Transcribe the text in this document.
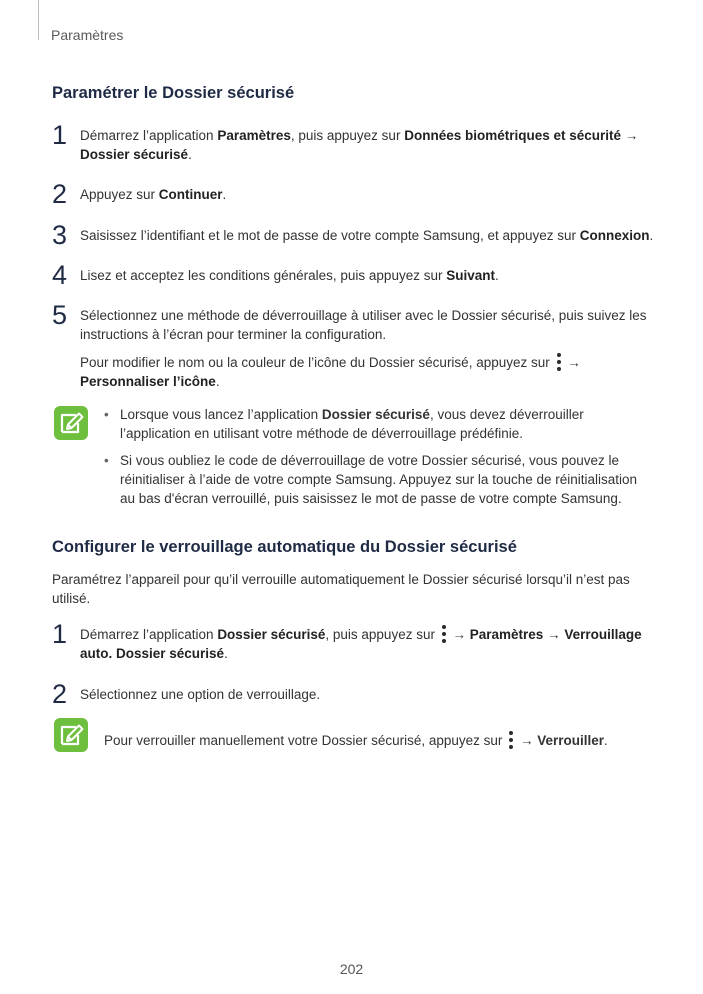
Paramètres
Paramétrer le Dossier sécurisé
1 Démarrez l’application Paramètres, puis appuyez sur Données biométriques et sécurité →
Dossier sécurisé.
2 Appuyez sur Continuer.
3 Saisissez l’identifiant et le mot de passe de votre compte Samsung, et appuyez sur Connexion.
4 Lisez et acceptez les conditions générales, puis appuyez sur Suivant.
5 Sélectionnez une méthode de déverrouillage à utiliser avec le Dossier sécurisé, puis suivez les instructions à l’écran pour terminer la configuration.
Pour modifier le nom ou la couleur de l’icône du Dossier sécurisé, appuyez sur
→
Personnaliser l’icône.
• Lorsque vous lancez l’application Dossier sécurisé, vous devez déverrouiller l’application en utilisant votre méthode de déverrouillage prédéfinie.
• Si vous oubliez le code de déverrouillage de votre Dossier sécurisé, vous pouvez le réinitialiser à l’aide de votre compte Samsung. Appuyez sur la touche de réinitialisation au bas d'écran verrouillé, puis saisissez le mot de passe de votre compte Samsung.
Configurer le verrouillage automatique du Dossier sécurisé
Paramétrez l’appareil pour qu’il verrouille automatiquement le Dossier sécurisé lorsqu’il n’est pas utilisé.
1 Démarrez l’application Dossier sécurisé, puis appuyez sur
→ Paramètres → Verrouillage auto. Dossier sécurisé.
2 Sélectionnez une option de verrouillage.
Pour verrouiller manuellement votre Dossier sécurisé, appuyez sur
→ Verrouiller.
202
